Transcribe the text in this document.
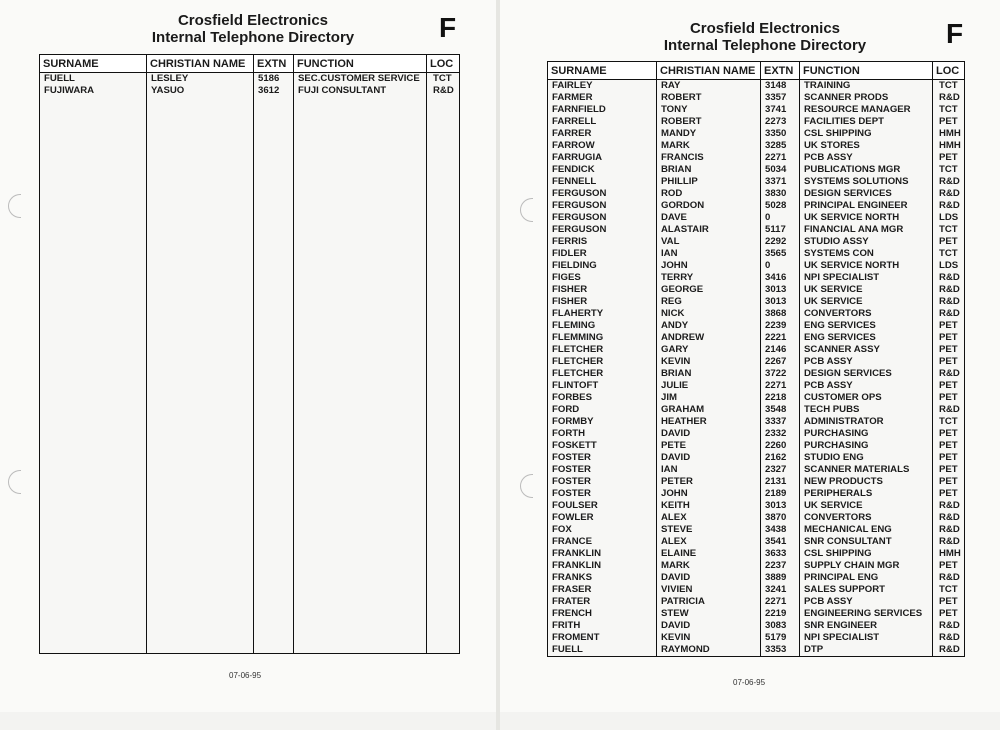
Crosfield Electronics
Internal Telephone Directory	F
07-06-95
Crosfield Electronics
Internal Telephone Directory	F
07-06-95
SURNAME	CHRISTIAN NAME	EXTN	FUNCTION	LOC
FUELL	LESLEY	5186	SEC.CUSTOMER SERVICE	TCT
FUJIWARA	YASUO	3612	FUJI CONSULTANT	R&D

SURNAME	CHRISTIAN NAME	EXTN	FUNCTION	LOC
FAIRLEY	RAY	3148	TRAINING	TCT
FARMER	ROBERT	3357	SCANNER PRODS	R&D
FARNFIELD	TONY	3741	RESOURCE MANAGER	TCT
FARRELL	ROBERT	2273	FACILITIES DEPT	PET
FARRER	MANDY	3350	CSL SHIPPING	HMH
FARROW	MARK	3285	UK STORES	HMH
FARRUGIA	FRANCIS	2271	PCB ASSY	PET
FENDICK	BRIAN	5034	PUBLICATIONS MGR	TCT
FENNELL	PHILLIP	3371	SYSTEMS SOLUTIONS	R&D
FERGUSON	ROD	3830	DESIGN SERVICES	R&D
FERGUSON	GORDON	5028	PRINCIPAL ENGINEER	R&D
FERGUSON	DAVE	0	UK SERVICE NORTH	LDS
FERGUSON	ALASTAIR	5117	FINANCIAL ANA MGR	TCT
FERRIS	VAL	2292	STUDIO ASSY	PET
FIDLER	IAN	3565	SYSTEMS CON	TCT
FIELDING	JOHN	0	UK SERVICE NORTH	LDS
FIGES	TERRY	3416	NPI SPECIALIST	R&D
FISHER	GEORGE	3013	UK SERVICE	R&D
FISHER	REG	3013	UK SERVICE	R&D
FLAHERTY	NICK	3868	CONVERTORS	R&D
FLEMING	ANDY	2239	ENG SERVICES	PET
FLEMMING	ANDREW	2221	ENG SERVICES	PET
FLETCHER	GARY	2146	SCANNER ASSY	PET
FLETCHER	KEVIN	2267	PCB ASSY	PET
FLETCHER	BRIAN	3722	DESIGN SERVICES	R&D
FLINTOFT	JULIE	2271	PCB ASSY	PET
FORBES	JIM	2218	CUSTOMER OPS	PET
FORD	GRAHAM	3548	TECH PUBS	R&D
FORMBY	HEATHER	3337	ADMINISTRATOR	TCT
FORTH	DAVID	2332	PURCHASING	PET
FOSKETT	PETE	2260	PURCHASING	PET
FOSTER	DAVID	2162	STUDIO ENG	PET
FOSTER	IAN	2327	SCANNER MATERIALS	PET
FOSTER	PETER	2131	NEW PRODUCTS	PET
FOSTER	JOHN	2189	PERIPHERALS	PET
FOULSER	KEITH	3013	UK SERVICE	R&D
FOWLER	ALEX	3870	CONVERTORS	R&D
FOX	STEVE	3438	MECHANICAL ENG	R&D
FRANCE	ALEX	3541	SNR CONSULTANT	R&D
FRANKLIN	ELAINE	3633	CSL SHIPPING	HMH
FRANKLIN	MARK	2237	SUPPLY CHAIN MGR	PET
FRANKS	DAVID	3889	PRINCIPAL ENG	R&D
FRASER	VIVIEN	3241	SALES SUPPORT	TCT
FRATER	PATRICIA	2271	PCB ASSY	PET
FRENCH	STEW	2219	ENGINEERING SERVICES	PET
FRITH	DAVID	3083	SNR ENGINEER	R&D
FROMENT	KEVIN	5179	NPI SPECIALIST	R&D
FUELL	RAYMOND	3353	DTP	R&D
